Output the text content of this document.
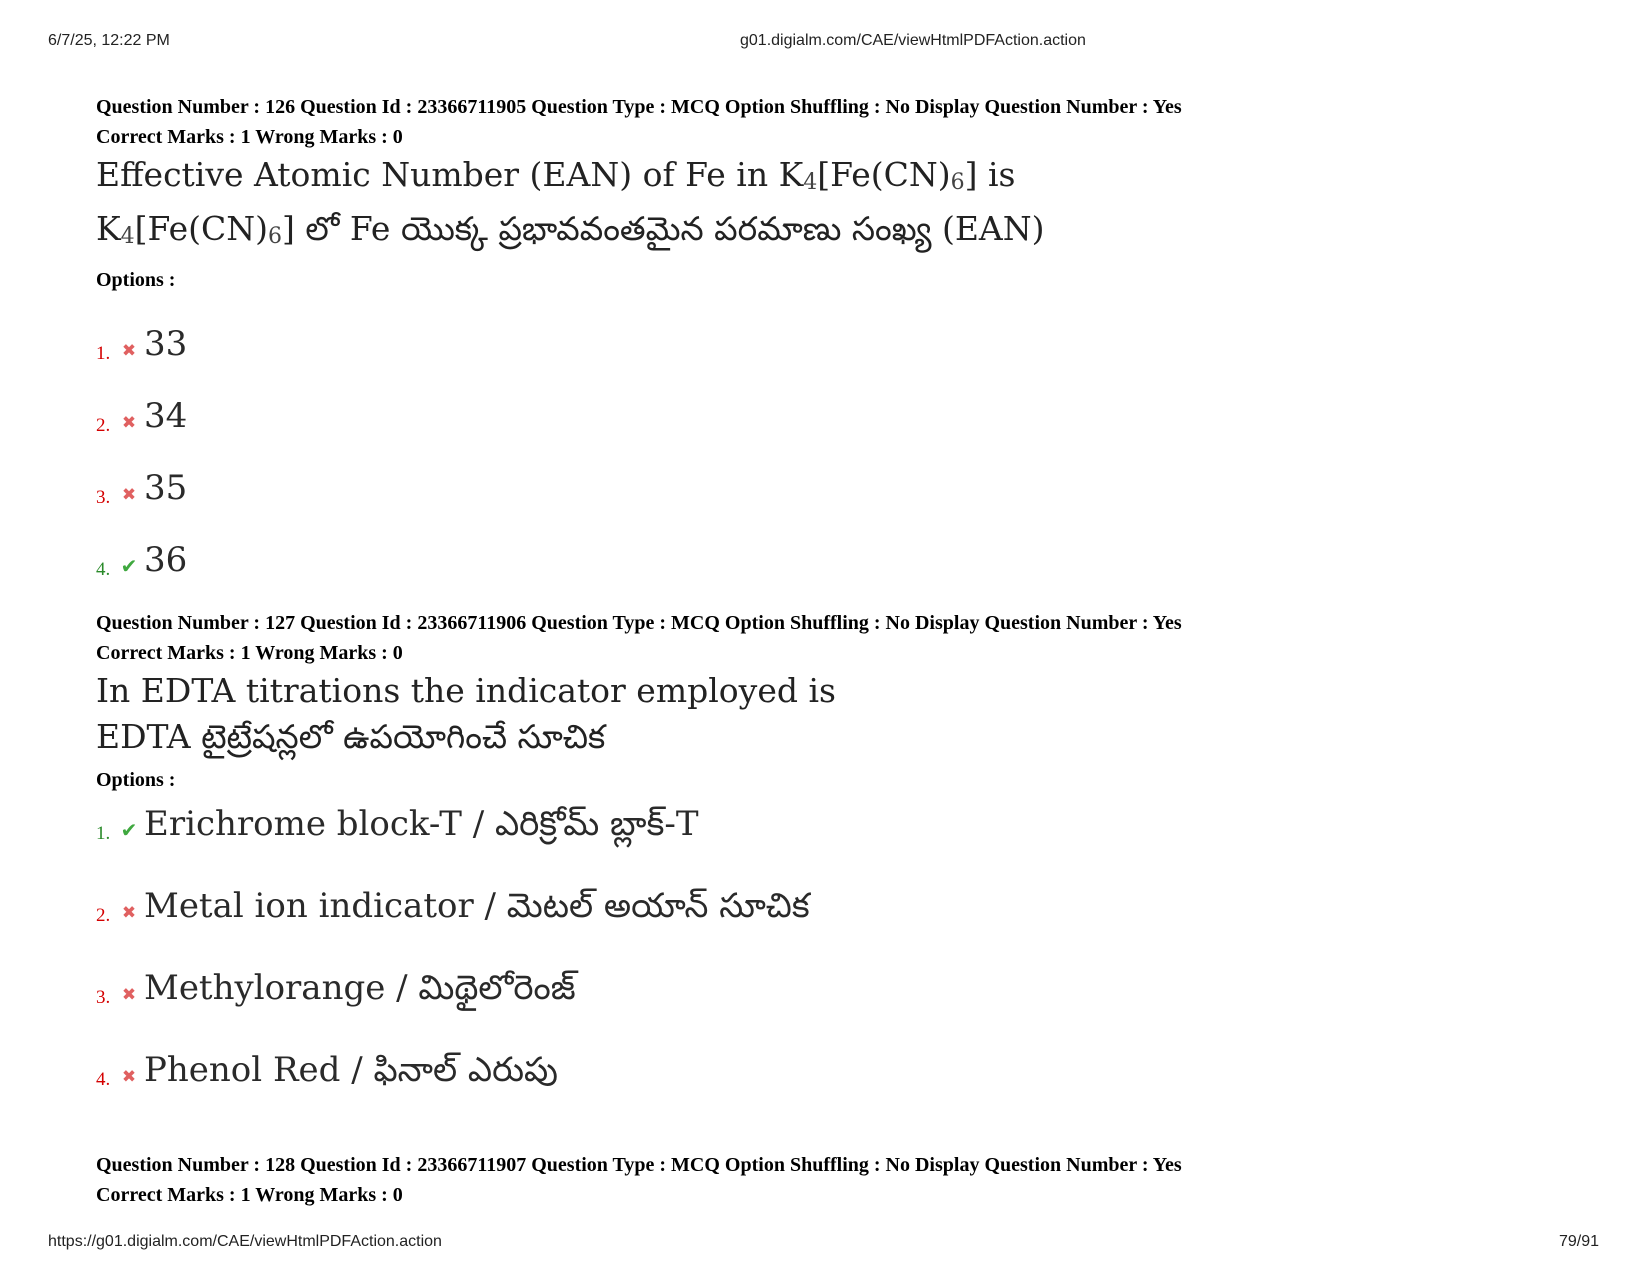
6/7/25, 12:22 PM	g01.digialm.com/CAE/viewHtmlPDFAction.action
Question Number : 126 Question Id : 23366711905 Question Type : MCQ Option Shuffling : No Display Question Number : Yes
Correct Marks : 1 Wrong Marks : 0
Effective Atomic Number (EAN) of Fe in $K_4[Fe(CN)_6]$ is
$K_4[Fe(CN)_6]$ లో Fe యొక్క ప్రభావవంతమైన పరమాణు సంఖ్య (EAN)
Options :
1. ✖ 33
2. ✖ 34
3. ✖ 35
4. ✔ 36
Question Number : 127 Question Id : 23366711906 Question Type : MCQ Option Shuffling : No Display Question Number : Yes
Correct Marks : 1 Wrong Marks : 0
In EDTA titrations the indicator employed is
EDTA టైట్రేషన్లలో ఉపయోగించే సూచిక
Options :
1. ✔ Erichrome block-T / ఎరిక్రోమ్ బ్లాక్-T
2. ✖ Metal ion indicator / మెటల్ అయాన్ సూచిక
3. ✖ Methylorange / మిథైలోరెంజ్
4. ✖ Phenol Red / ఫినాల్ ఎరుపు
Question Number : 128 Question Id : 23366711907 Question Type : MCQ Option Shuffling : No Display Question Number : Yes
Correct Marks : 1 Wrong Marks : 0
https://g01.digialm.com/CAE/viewHtmlPDFAction.action	79/91
